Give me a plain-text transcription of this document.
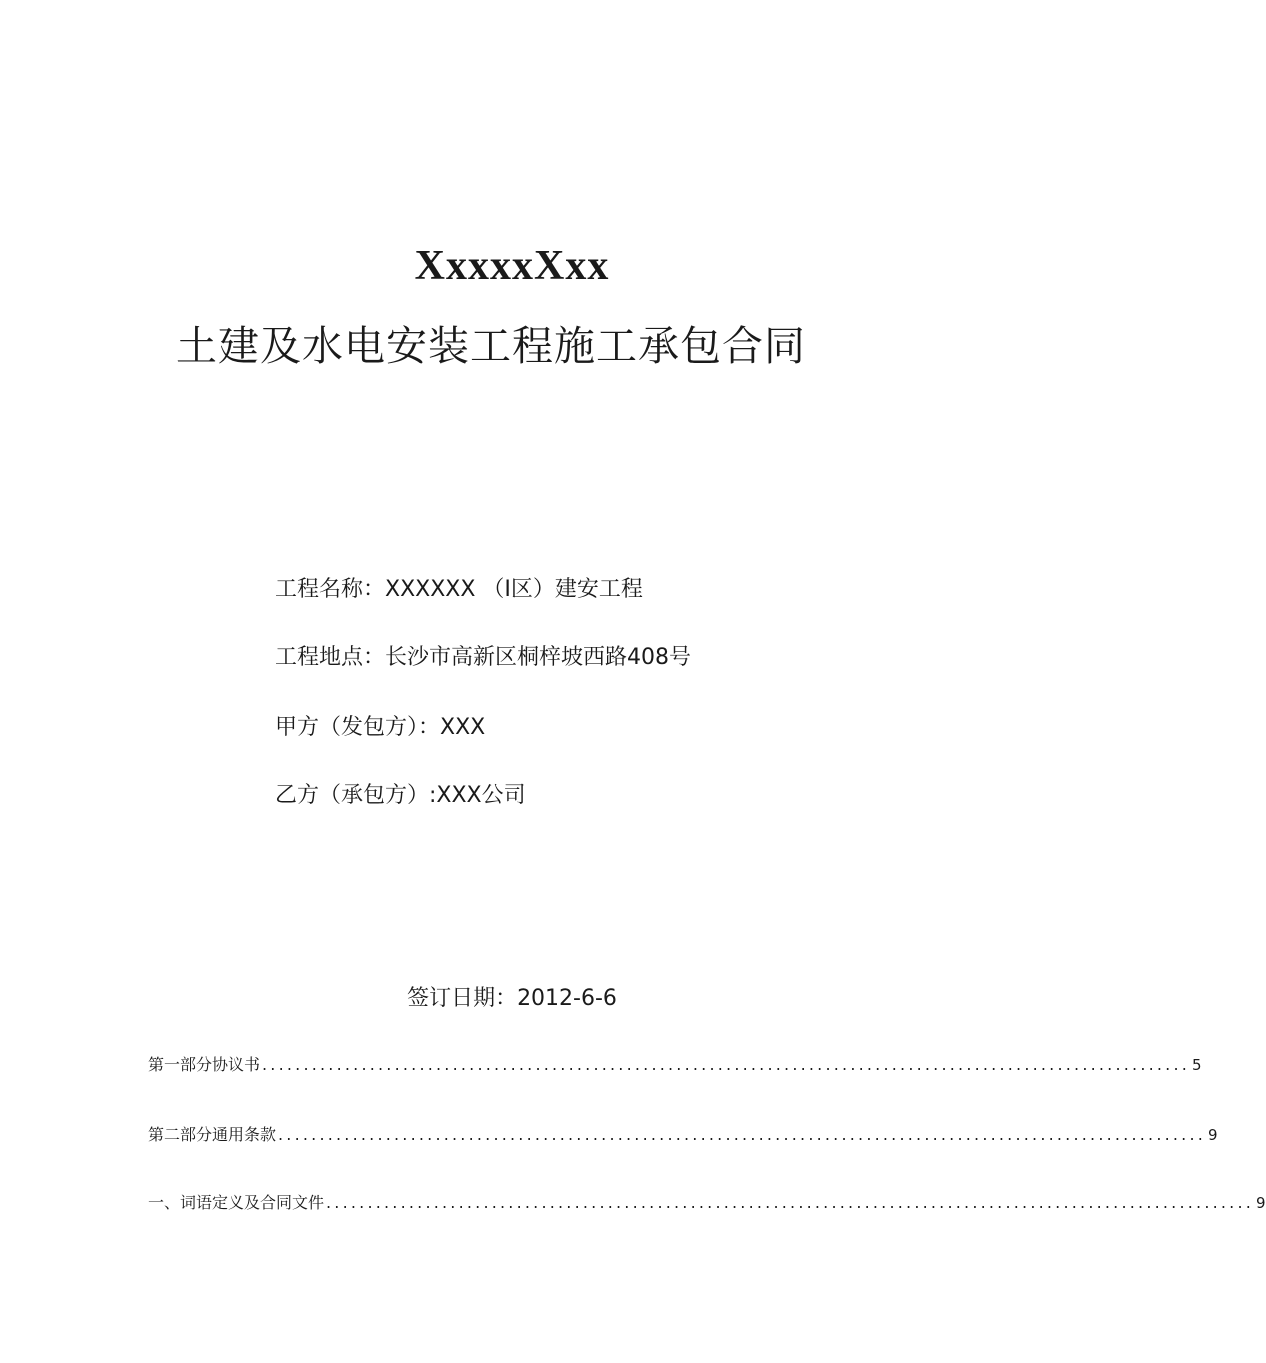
XxxxxXxx
土建及水电安装工程施工承包合同
工程名称：XXXXXX （I区）建安工程
工程地点：长沙市高新区桐梓坡西路408号
甲方（发包方）：XXX
乙方（承包方）:XXX公司
签订日期：2012-6-6
第一部分协议书 ................................................................................................................ 5
第二部分通用条款 ................................................................................................................ 9
一、词语定义及合同文件 ................................................................................................................ 9
